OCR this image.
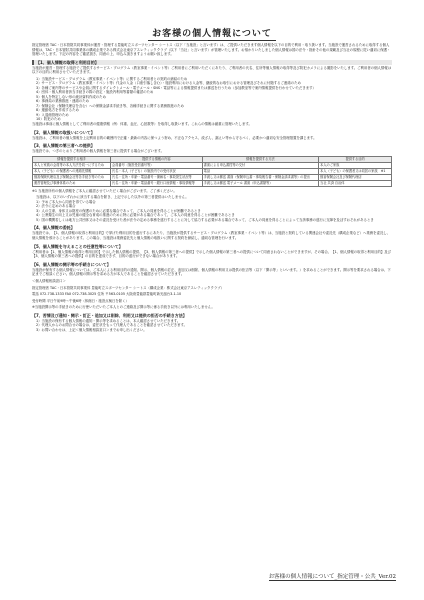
お客様の個人情報について

指定管理者 TAC・日本管財共同事業体が運営・管理する豊能町立スポーツセンター シートス（以下「当施設」と言います）は、ご提供いただきます個人情報を以下の目的で利用・取り扱います。当施設で運営されるために取得する個人情報は、TAC・日本管財共同事業体の構成企業である株式会社東京アスレティッククラブ（以下「当社」と言います）が管理いたします。お預かりいたしました個人情報は国の法令・指針その他の規範及び当社の規程に従い適切に保護・管理いたします。下記の内容をご確認頂き、同意の上、申込み頂きますようお願い致します。

【1、個人情報の取得と利用目的】

当施設が運営・管理する施設でご提供するサービス・プログラム（教室事業・イベント等）ご利用者にご利用いただくにあたり、ご利用者の氏名、住所等個人情報の取得等及び防犯カメラによる撮影をいたします。ご利用者の個人情報は以下の目的に利用させていただきます。

1）当施設サービス・プログラム（教室事業・イベント等）に関するご利用者との契約の締結のため
2）サービス・プログラム（教室事業・イベント等）代金の入金（口座引落し含む）・施設利用における入金等、継続的なお取引における管理及びそれに付随するご連絡のため
3）各種ご案内等のサービスや会員に関するダイレクトメール・電子メール・SNS・電話等による情報提供または郵送を行うため（参加教室等で案内情報提供を行わせていただきます）
4）団体・個人利用者該当手続きの際の設定・施設内利用等書類の確認のため
5）個人を特定しない形の統計資料作成のため
6）事務局の業務推進・連絡のため
7）保険会社（保険代理店を含む）への保険金請求手続き等、各種手続きに関する業務推進のため
8）運動処方を作成するため
9）入退館管理のため
10）防犯のため

当施設は事前に個人情報としてご利用者の健康情報（例：体重、血圧、心拍数等）を取得し取扱います。これらの情報は厳重に管理いたします。

【2、個人情報の取扱いについて】

当施設は、ご利用者の個人情報を上記利用目的の範囲内で正確・最新の内容に保つよう努め、不正なアクセス、改ざん、漏えい等から守るべく、必要かつ適切な安全管理措置を講じます。

【3、個人情報の第三者への提供】

当施設では、つぎのとおりご利用者の個人情報を第三者に提供する場合がございます。

情報を提供する相手	提供する情報の内容	情報を提供する方法	提供する目的
本人と家族の会員等の本人方法を同一にするため	会員番号（施設受信番号等）	書面による申込書控等の交付	本人のご家族
本人（子ども）の保護者への連絡先情報	氏名・本人（子ども）の施設内での受付状況	電話	本人（子ども）の保護者又は同居の家族　※1
損害保険代理店及び保険会社等各手続き等のため	氏名・住所・年齢・電話番号・傷病名・事故発生状況等	手渡し又は郵送 書面（保険申込書・事故報告書・保険金請求書等）の提出	損害保険会社及び保険代理店
運営管理及び事務体系のため	氏名・住所・年齢・電話番号・銀行口座情報・事故情報等	手渡し又は郵送 電子メール 書面（申込書類等）	当社 共済 自治体

※1 当施設所有の個人情報をご本人に確認させていただく場合がございます。ご了承ください。

当施設は、以下のいずれかに該当する場合を除き、上記で示した以外の第三者提供はいたしません。
1）予めご本人から同意を得ている場合
2）法令に定めのある場合
3）人の生命、身体又は財産の保護のために必要な場合であって、ご本人の同意を得ることが困難であるとき
4）公衆衛生の向上又は児童の健全な育成の推進のために特に必要がある場合であって、ご本人の同意を得ることが困難であるとき
5）国の機関若しくは地方公共団体又はその委託を受けた者が法令の定める事務を遂行することに対して協力する必要がある場合であって、ご本人の同意を得ることによって当該事務の遂行に支障を及ぼすおそれがあるとき
【4、個人情報の委託】

当施設では、【1、個人情報の取得と利用目的】で挙げた利用目的を遂行するにあたり、当施設が提供するサービス・プログラム（教室事業・イベント等）は、当施設と契約している関連会社や委託先（構成企業など）へ業務を委託し、個人情報を預けることがあります。この場合、当施設は業務委託先と個人情報の取扱いに関する契約を締結し、適切な管理を行います。

【5、個人情報を与えることの任意性等について】

ご利用者は【1、個人情報の取得と利用目的】で示した個人情報の提供、【3、個人情報の第三者への提供】で示した個人情報の第三者への提供について同意されないことができますが、その場合、【1、個人情報の取得と利用目的】及び【3、個人情報の第三者への提供】の目的を達成できず、目的の遂行ができない場合があります。

【6、個人情報の開示等の手続きについて】

当施設が保有する個人情報については、ご本人による利用目的の通知、開示、個人情報の訂正、追加又は削除、個人情報の利用又は提供の拒否等（以下「開示等」といいます。）を求めることができます。開示等を要求される場合は、下記までご相談ください。個人情報の開示等を求める方が本人であることを確認させていただきます。

＜個人情報相談窓口＞

指定管理者 TAC・日本管財共同事業体 豊能町立スポーツセンター シートス（構成企業：株式会社東京アスレティッククラブ）

電話 072-738-1333 FAX 072-738-3025 住所 〒563-0105 大阪府豊能郡豊能町新光風台3-1-10

受付時間 平日午前9時〜午後6時（休館日・施設点検日を除く）

※当施設開示等の手続きのために行使いただいたご本人とのご連絡及び開示等に係る手続き以外には利用いたしません。

【7、苦情及び通知・開示・訂正・追加又は削除、利用又は提供の拒否の手続き方法】
1）当施設の保有する個人情報の通知・開示等を求めることは、本人確認させていただきます。
2）代理人からのお問合せの場合は、委任状をもって代理人であることを確認させていただきます。
3）お問い合わせは、上記＜個人情報相談窓口＞までお申し出ください。
お客様の個人情報について_指定管理・公共_Ver.02
